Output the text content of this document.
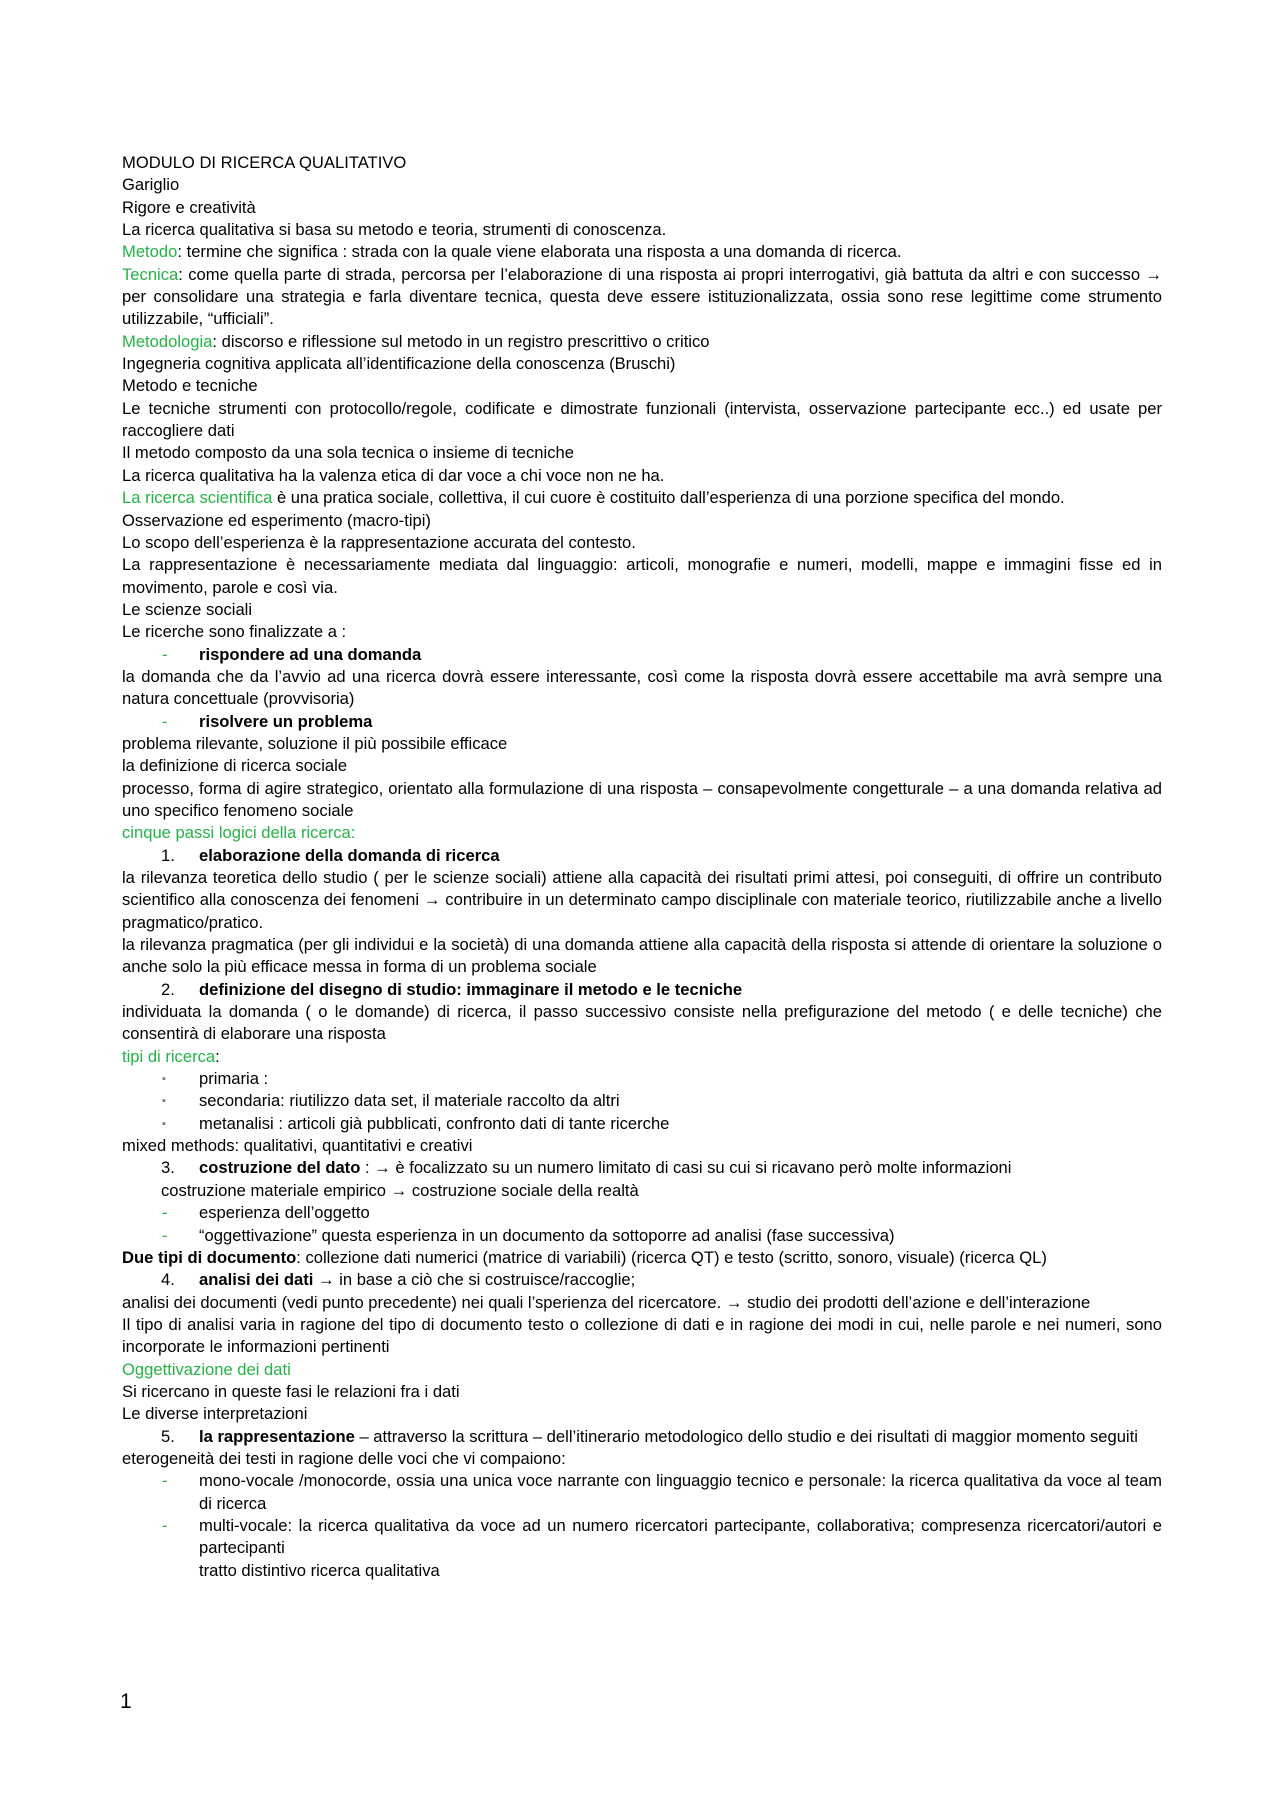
MODULO DI RICERCA QUALITATIVO
Gariglio
Rigore e creatività
La ricerca qualitativa si basa su metodo e teoria, strumenti di conoscenza.
Metodo: termine che significa : strada con la quale viene elaborata una risposta a una domanda di ricerca.
Tecnica: come quella parte di strada, percorsa per l’elaborazione di una risposta ai propri interrogativi, già battuta da altri e con successo → per consolidare una strategia e farla diventare tecnica, questa deve essere istituzionalizzata, ossia sono rese legittime come strumento utilizzabile, “ufficiali”.
Metodologia: discorso e riflessione sul metodo in un registro prescrittivo o critico
Ingegneria cognitiva applicata all’identificazione della conoscenza (Bruschi)
Metodo e tecniche
Le tecniche strumenti con protocollo/regole, codificate e dimostrate funzionali (intervista, osservazione partecipante ecc..) ed usate per raccogliere dati
Il metodo composto da una sola tecnica o insieme di tecniche
La ricerca qualitativa ha la valenza etica di dar voce a chi voce non ne ha.
La ricerca scientifica è una pratica sociale, collettiva, il cui cuore è costituito dall’esperienza di una porzione specifica del mondo.
Osservazione ed esperimento (macro-tipi)
Lo scopo dell’esperienza è la rappresentazione accurata del contesto.
La rappresentazione è necessariamente mediata dal linguaggio: articoli, monografie e numeri, modelli, mappe e immagini fisse ed in movimento, parole e così via.
Le scienze sociali
Le ricerche sono finalizzate a :
- rispondere ad una domanda
la domanda che da l’avvio ad una ricerca dovrà essere interessante, così come la risposta dovrà essere accettabile ma avrà sempre una natura concettuale (provvisoria)
- risolvere un problema
problema rilevante, soluzione il più possibile efficace
la definizione di ricerca sociale
processo, forma di agire strategico, orientato alla formulazione di una risposta – consapevolmente congetturale – a una domanda relativa ad uno specifico fenomeno sociale
cinque passi logici della ricerca:
1. elaborazione della domanda di ricerca
la rilevanza teoretica dello studio ( per le scienze sociali) attiene alla capacità dei risultati primi attesi, poi conseguiti, di offrire un contributo scientifico alla conoscenza dei fenomeni → contribuire in un determinato campo disciplinale con materiale teorico, riutilizzabile anche a livello pragmatico/pratico.
la rilevanza pragmatica (per gli individui e la società) di una domanda attiene alla capacità della risposta si attende di orientare la soluzione o anche solo la più efficace messa in forma di un problema sociale
2. definizione del disegno di studio: immaginare il metodo e le tecniche
individuata la domanda ( o le domande) di ricerca, il passo successivo consiste nella prefigurazione del metodo ( e delle tecniche) che consentirà di elaborare una risposta
tipi di ricerca:
▪ primaria :
▪ secondaria: riutilizzo data set, il materiale raccolto da altri
▪ metanalisi : articoli già pubblicati, confronto dati di tante ricerche
mixed methods: qualitativi, quantitativi e creativi
3. costruzione del dato : → è focalizzato su un numero limitato di casi su cui si ricavano però molte informazioni
costruzione materiale empirico → costruzione sociale della realtà
- esperienza dell’oggetto
- “oggettivazione” questa esperienza in un documento da sottoporre ad analisi (fase successiva)
Due tipi di documento: collezione dati numerici (matrice di variabili) (ricerca QT) e testo (scritto, sonoro, visuale) (ricerca QL)
4. analisi dei dati → in base a ciò che si costruisce/raccoglie;
analisi dei documenti (vedi punto precedente) nei quali l’sperienza del ricercatore. → studio dei prodotti dell’azione e dell’interazione
Il tipo di analisi varia in ragione del tipo di documento testo o collezione di dati e in ragione dei modi in cui, nelle parole e nei numeri, sono incorporate le informazioni pertinenti
Oggettivazione dei dati
Si ricercano in queste fasi le relazioni fra i dati
Le diverse interpretazioni
5. la rappresentazione – attraverso la scrittura – dell’itinerario metodologico dello studio e dei risultati di maggior momento seguiti
eterogeneità dei testi in ragione delle voci che vi compaiono:
- mono-vocale /monocorde, ossia una unica voce narrante con linguaggio tecnico e personale: la ricerca qualitativa da voce al team di ricerca
- multi-vocale: la ricerca qualitativa da voce ad un numero ricercatori partecipante, collaborativa; compresenza ricercatori/autori e partecipanti
tratto distintivo ricerca qualitativa
1
